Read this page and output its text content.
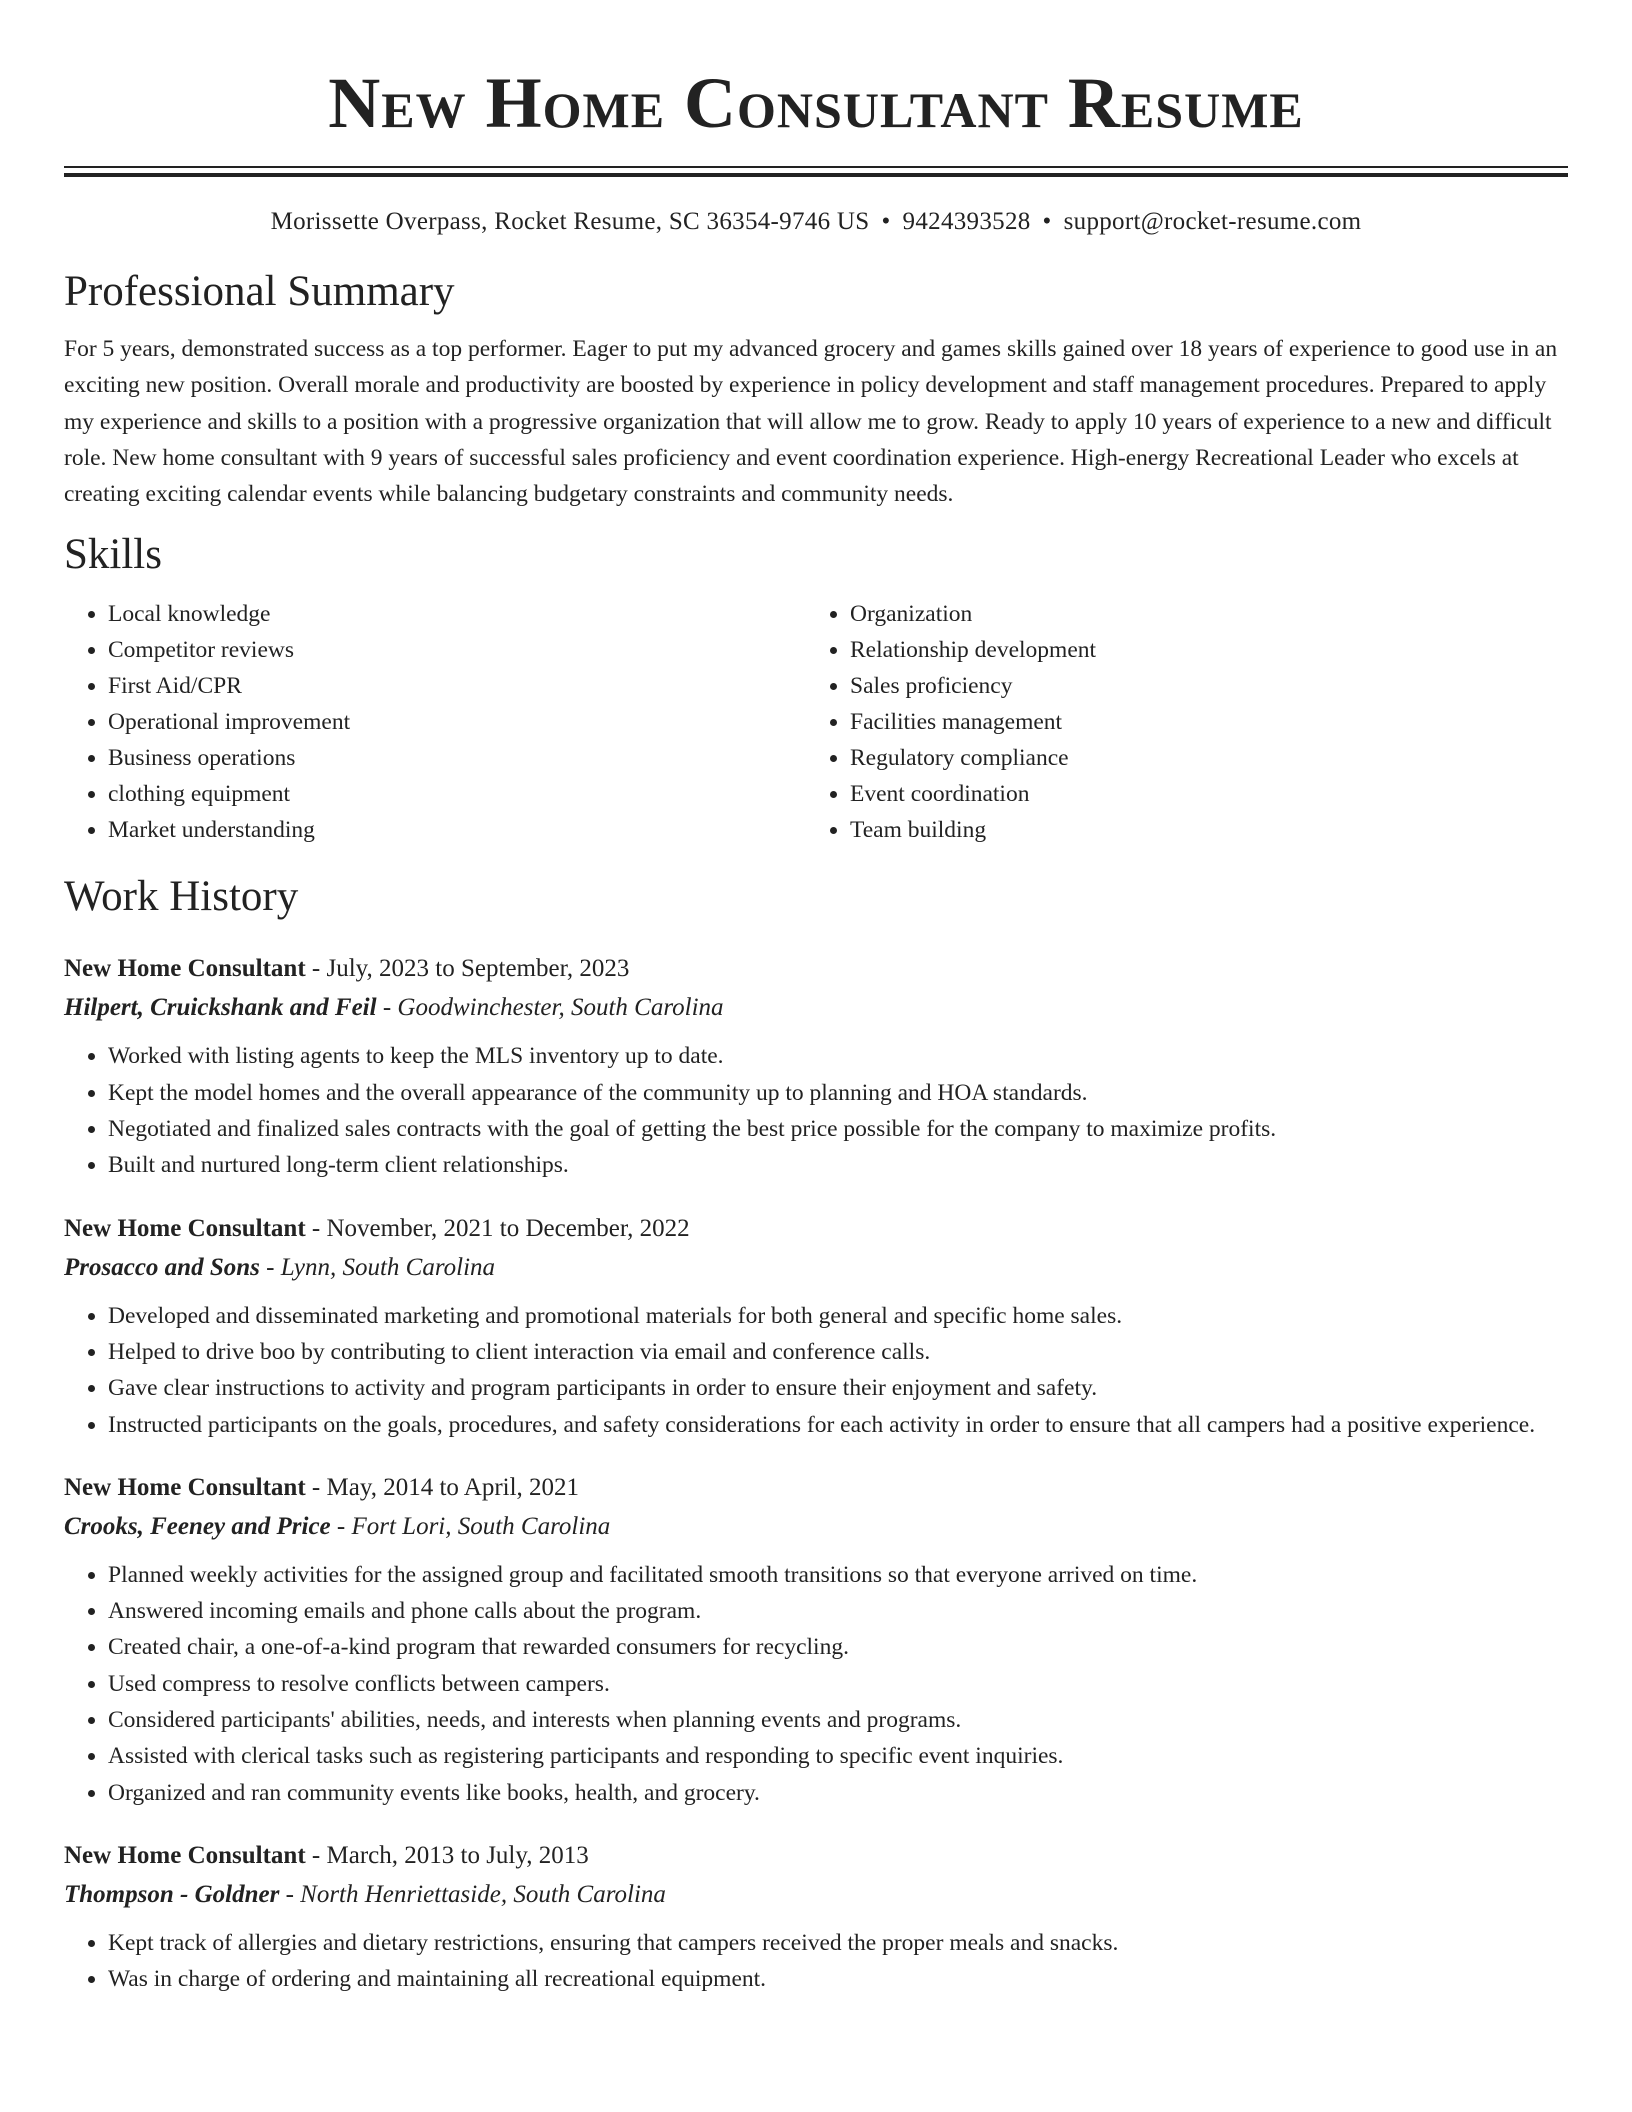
New Home Consultant Resume
Morissette Overpass, Rocket Resume, SC 36354-9746 US • 9424393528 • support@rocket-resume.com
Professional Summary
For 5 years, demonstrated success as a top performer. Eager to put my advanced grocery and games skills gained over 18 years of experience to good use in an exciting new position. Overall morale and productivity are boosted by experience in policy development and staff management procedures. Prepared to apply my experience and skills to a position with a progressive organization that will allow me to grow. Ready to apply 10 years of experience to a new and difficult role. New home consultant with 9 years of successful sales proficiency and event coordination experience. High-energy Recreational Leader who excels at creating exciting calendar events while balancing budgetary constraints and community needs.
Skills
• Local knowledge
• Competitor reviews
• First Aid/CPR
• Operational improvement
• Business operations
• clothing equipment
• Market understanding
• Organization
• Relationship development
• Sales proficiency
• Facilities management
• Regulatory compliance
• Event coordination
• Team building
Work History
New Home Consultant - July, 2023 to September, 2023
Hilpert, Cruickshank and Feil - Goodwinchester, South Carolina
• Worked with listing agents to keep the MLS inventory up to date.
• Kept the model homes and the overall appearance of the community up to planning and HOA standards.
• Negotiated and finalized sales contracts with the goal of getting the best price possible for the company to maximize profits.
• Built and nurtured long-term client relationships.
New Home Consultant - November, 2021 to December, 2022
Prosacco and Sons - Lynn, South Carolina
• Developed and disseminated marketing and promotional materials for both general and specific home sales.
• Helped to drive boo by contributing to client interaction via email and conference calls.
• Gave clear instructions to activity and program participants in order to ensure their enjoyment and safety.
• Instructed participants on the goals, procedures, and safety considerations for each activity in order to ensure that all campers had a positive experience.
New Home Consultant - May, 2014 to April, 2021
Crooks, Feeney and Price - Fort Lori, South Carolina
• Planned weekly activities for the assigned group and facilitated smooth transitions so that everyone arrived on time.
• Answered incoming emails and phone calls about the program.
• Created chair, a one-of-a-kind program that rewarded consumers for recycling.
• Used compress to resolve conflicts between campers.
• Considered participants' abilities, needs, and interests when planning events and programs.
• Assisted with clerical tasks such as registering participants and responding to specific event inquiries.
• Organized and ran community events like books, health, and grocery.
New Home Consultant - March, 2013 to July, 2013
Thompson - Goldner - North Henriettaside, South Carolina
• Kept track of allergies and dietary restrictions, ensuring that campers received the proper meals and snacks.
• Was in charge of ordering and maintaining all recreational equipment.
